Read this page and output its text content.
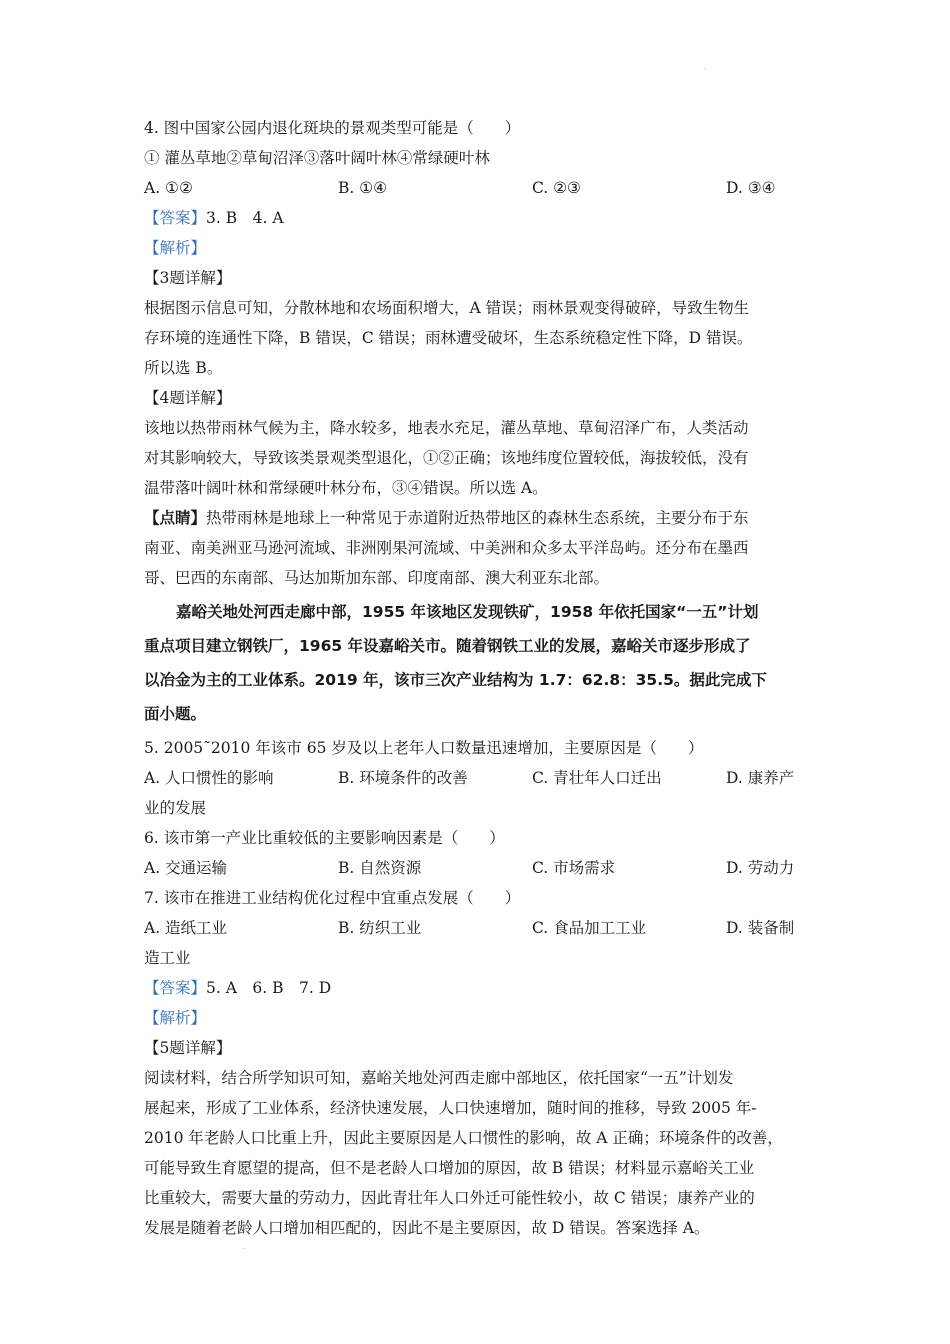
.
.
4. 图中国家公园内退化斑块的景观类型可能是（　　）
① 灌丛草地②草甸沼泽③落叶阔叶林④常绿硬叶林
A. ①②	B. ①④	C. ②③	D. ③④
【答案】3. B　4. A
【解析】
【3题详解】
根据图示信息可知，分散林地和农场面积增大，A 错误；雨林景观变得破碎，导致生物生
存环境的连通性下降，B 错误，C 错误；雨林遭受破坏，生态系统稳定性下降，D 错误。
所以选 B。
【4题详解】
该地以热带雨林气候为主，降水较多，地表水充足，灌丛草地、草甸沼泽广布，人类活动
对其影响较大，导致该类景观类型退化，①②正确；该地纬度位置较低，海拔较低，没有
温带落叶阔叶林和常绿硬叶林分布，③④错误。所以选 A。
【点睛】热带雨林是地球上一种常见于赤道附近热带地区的森林生态系统，主要分布于东
南亚、南美洲亚马逊河流域、非洲刚果河流域、中美洲和众多太平洋岛屿。还分布在墨西
哥、巴西的东南部、马达加斯加东部、印度南部、澳大利亚东北部。
嘉峪关地处河西走廊中部，1955 年该地区发现铁矿，1958 年依托国家“一五”计划
重点项目建立钢铁厂，1965 年设嘉峪关市。随着钢铁工业的发展，嘉峪关市逐步形成了
以冶金为主的工业体系。2019 年，该市三次产业结构为 1.7：62.8：35.5。据此完成下
面小题。
5. 2005˜2010 年该市 65 岁及以上老年人口数量迅速增加，主要原因是（　　）
A. 人口惯性的影响	B. 环境条件的改善	C. 青壮年人口迁出	D. 康养产
业的发展
6. 该市第一产业比重较低的主要影响因素是（　　）
A. 交通运输	B. 自然资源	C. 市场需求	D. 劳动力
7. 该市在推进工业结构优化过程中宜重点发展（　　）
A. 造纸工业	B. 纺织工业	C. 食品加工工业	D. 装备制
造工业
【答案】5. A　6. B　7. D
【解析】
【5题详解】
阅读材料，结合所学知识可知，嘉峪关地处河西走廊中部地区，依托国家“一五”计划发
展起来，形成了工业体系，经济快速发展，人口快速增加，随时间的推移，导致 2005 年-
2010 年老龄人口比重上升，因此主要原因是人口惯性的影响，故 A 正确；环境条件的改善，
可能导致生育愿望的提高，但不是老龄人口增加的原因，故 B 错误；材料显示嘉峪关工业
比重较大，需要大量的劳动力，因此青壮年人口外迁可能性较小，故 C 错误；康养产业的
发展是随着老龄人口增加相匹配的，因此不是主要原因，故 D 错误。答案选择 A。
